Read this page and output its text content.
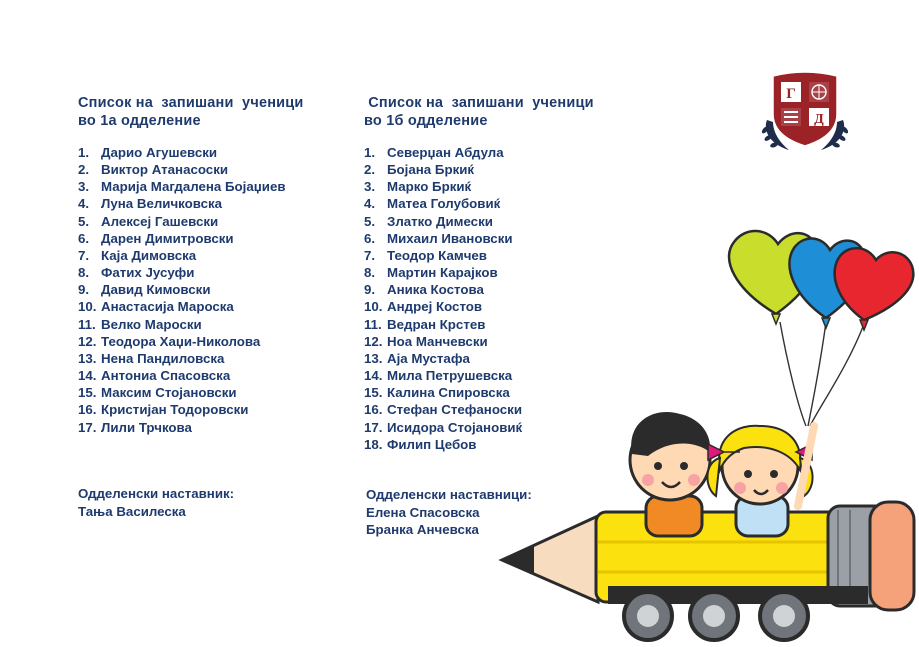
Список на  запишани  ученици

во 1а одделение

1. Дарио Агушевски
2. Виктор Атанасоски
3. Марија Магдалена Бојаџиев
4. Луна Величковска
5. Алексеј Гашевски
6. Дарен Димитровски
7. Каја Димовска
8. Фатих Јусуфи
9. Давид Кимовски
10. Анастасија Мароска
11. Велко Мароски
12. Теодора Хаџи-Николова
13. Нена Пандиловска
14. Антониа Спасовска
15. Максим Стојановски
16. Кристијан Тодоровски
17. Лили Трчкова
Одделенски наставник:
Тања Василеска

Список на  запишани  ученици

во 1б одделение

1. Северџан Абдула
2. Бојана Бркиќ
3. Марко Бркиќ
4. Матеа Голубовиќ
5. Златко Димески
6. Михаил Ивановски
7. Теодор Камчев
8. Мартин Карајков
9. Аника Костова
10. Андреј Костов
11. Ведран Крстев
12. Ноа Манчевски
13. Аја Мустафа
14. Мила Петрушевска
15. Калина Спировска
16. Стефан Стефаноски
17. Исидора Стојановиќ
18. Филип Цебов
Одделенски наставници:
Елена Спасовска
Бранка Анчевска
Г
Д
